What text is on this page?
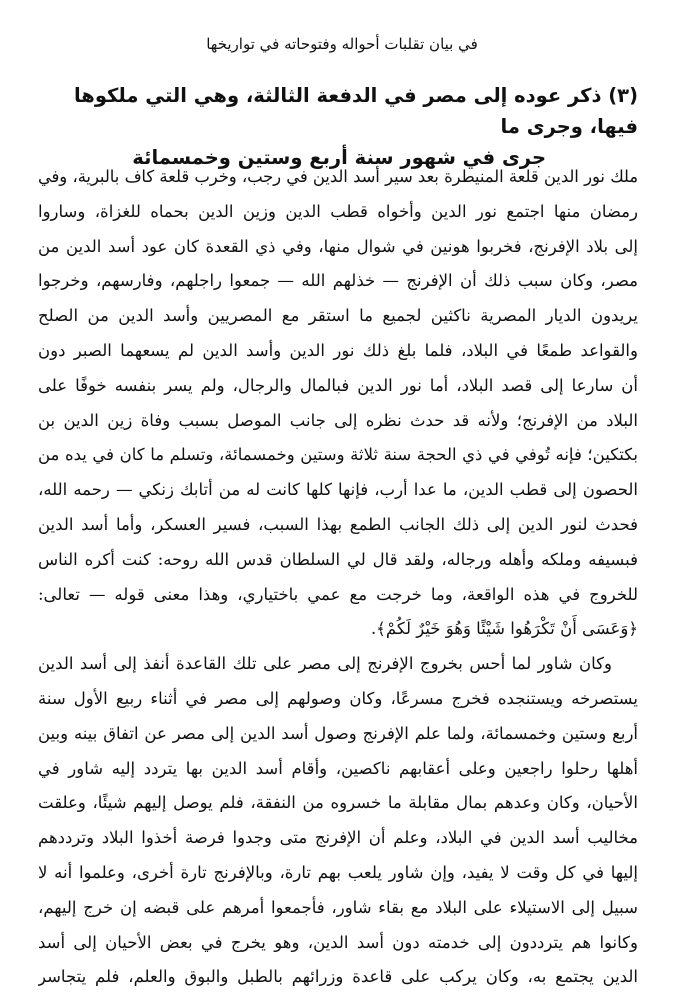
في بيان تقلبات أحواله وفتوحاته في تواريخها
(٣) ذكر عوده إلى مصر في الدفعة الثالثة، وهي التي ملكوها فيها، وجرى ما
جرى في شهور سنة أربع وستين وخمسمائة
ملك نور الدين قلعة المنيطرة بعد سير أسد الدين في رجب، وخرب قلعة كاف بالبرية، وفي
رمضان منها اجتمع نور الدين وأخواه قطب الدين وزين الدين بحماه للغزاة، وساروا
إلى بلاد الإفرنج، فخربوا هونين في شوال منها، وفي ذي القعدة كان عود أسد الدين من
مصر، وكان سبب ذلك أن الإفرنج — خذلهم الله — جمعوا راجلهم، وفارسهم، وخرجوا
يريدون الديار المصرية ناكثين لجميع ما استقر مع المصريين وأسد الدين من الصلح
والقواعد طمعًا في البلاد، فلما بلغ ذلك نور الدين وأسد الدين لم يسعهما الصبر دون
أن سارعا إلى قصد البلاد، أما نور الدين فبالمال والرجال، ولم يسر بنفسه خوفًا على
البلاد من الإفرنج؛ ولأنه قد حدث نظره إلى جانب الموصل بسبب وفاة زين الدين بن
بكتكين؛ فإنه تُوفي في ذي الحجة سنة ثلاثة وستين وخمسمائة، وتسلم ما كان في يده من
الحصون إلى قطب الدين، ما عدا أرب، فإنها كلها كانت له من أتابك زنكي — رحمه الله،
فحدث لنور الدين إلى ذلك الجانب الطمع بهذا السبب، فسير العسكر، وأما أسد الدين
فبسيفه وملكه وأهله ورجاله، ولقد قال لي السلطان قدس الله روحه: كنت أكره الناس
للخروج في هذه الواقعة، وما خرجت مع عمي باختياري، وهذا معنى قوله — تعالى:
﴿وَعَسَى أَنْ تَكْرَهُوا شَيْئًا وَهُوَ خَيْرٌ لَكُمْ﴾.
وكان شاور لما أحس بخروج الإفرنج إلى مصر على تلك القاعدة أنفذ إلى أسد الدين
يستصرخه ويستنجده فخرج مسرعًا، وكان وصولهم إلى مصر في أثناء ربيع الأول سنة
أربع وستين وخمسمائة، ولما علم الإفرنج وصول أسد الدين إلى مصر عن اتفاق بينه وبين
أهلها رحلوا راجعين وعلى أعقابهم ناكصين، وأقام أسد الدين بها يتردد إليه شاور في
الأحيان، وكان وعدهم بمال مقابلة ما خسروه من النفقة، فلم يوصل إليهم شيئًا، وعلقت
مخاليب أسد الدين في البلاد، وعلم أن الإفرنج متى وجدوا فرصة أخذوا البلاد وترددهم
إليها في كل وقت لا يفيد، وإن شاور يلعب بهم تارة، وبالإفرنج تارة أخرى، وعلموا أنه لا
سبيل إلى الاستيلاء على البلاد مع بقاء شاور، فأجمعوا أمرهم على قبضه إن خرج إليهم،
وكانوا هم يترددون إلى خدمته دون أسد الدين، وهو يخرج في بعض الأحيان إلى أسد
الدين يجتمع به، وكان يركب على قاعدة وزرائهم بالطبل والبوق والعلم، فلم يتجاسر
